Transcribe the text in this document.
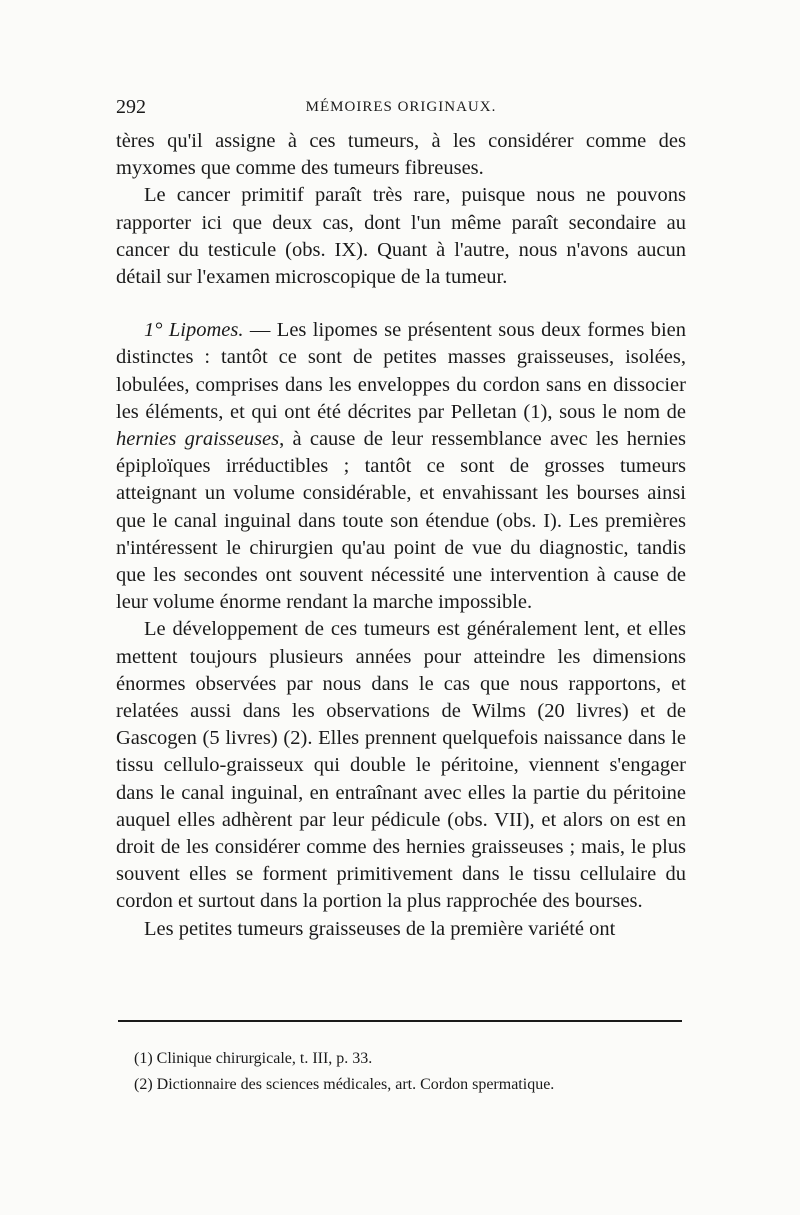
292	MÉMOIRES ORIGINAUX.

tères qu'il assigne à ces tumeurs, à les considérer comme des myxomes que comme des tumeurs fibreuses.

Le cancer primitif paraît très rare, puisque nous ne pouvons rapporter ici que deux cas, dont l'un même paraît secondaire au cancer du testicule (obs. IX). Quant à l'autre, nous n'avons aucun détail sur l'examen microscopique de la tumeur.

1° Lipomes. — Les lipomes se présentent sous deux formes bien distinctes : tantôt ce sont de petites masses graisseuses, isolées, lobulées, comprises dans les enveloppes du cordon sans en dissocier les éléments, et qui ont été décrites par Pelletan (1), sous le nom de hernies graisseuses, à cause de leur ressemblance avec les hernies épiploïques irréductibles ; tantôt ce sont de grosses tumeurs atteignant un volume considérable, et envahissant les bourses ainsi que le canal inguinal dans toute son étendue (obs. I). Les premières n'intéressent le chirurgien qu'au point de vue du diagnostic, tandis que les secondes ont souvent nécessité une intervention à cause de leur volume énorme rendant la marche impossible.

Le développement de ces tumeurs est généralement lent, et elles mettent toujours plusieurs années pour atteindre les dimensions énormes observées par nous dans le cas que nous rapportons, et relatées aussi dans les observations de Wilms (20 livres) et de Gascogen (5 livres) (2). Elles prennent quelquefois naissance dans le tissu cellulo-graisseux qui double le péritoine, viennent s'engager dans le canal inguinal, en entraînant avec elles la partie du péritoine auquel elles adhèrent par leur pédicule (obs. VII), et alors on est en droit de les considérer comme des hernies graisseuses ; mais, le plus souvent elles se forment primitivement dans le tissu cellulaire du cordon et surtout dans la portion la plus rapprochée des bourses.

Les petites tumeurs graisseuses de la première variété ont

(1) Clinique chirurgicale, t. III, p. 33.
(2) Dictionnaire des sciences médicales, art. Cordon spermatique.
